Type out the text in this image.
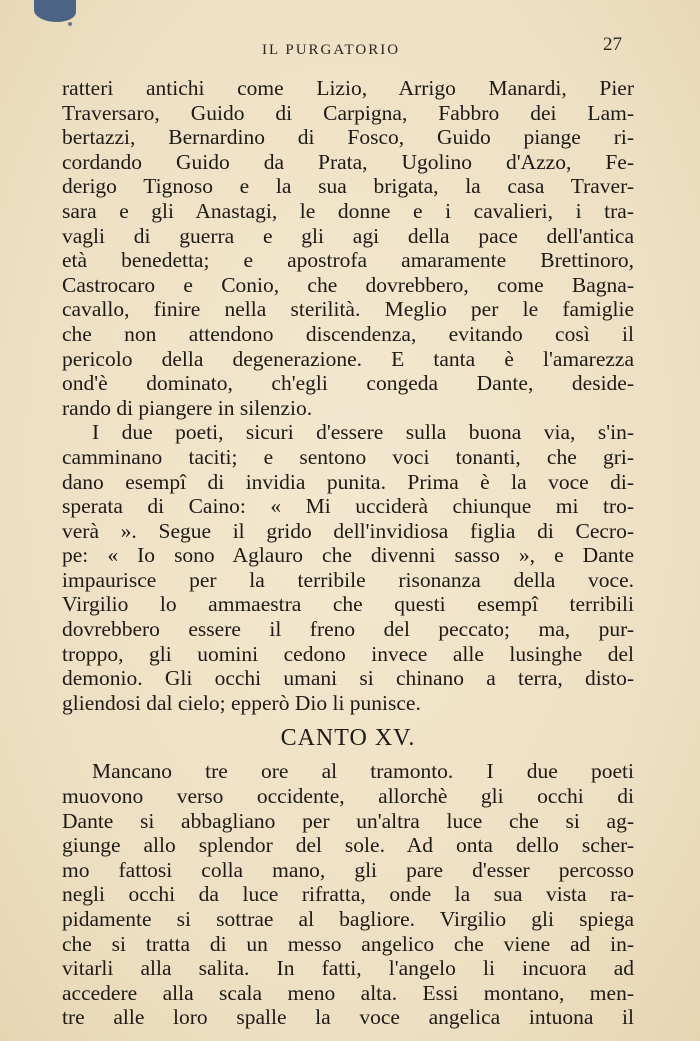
IL PURGATORIO	27
ratteri antichi come Lizio, Arrigo Manardi, Pier
Traversaro, Guido di Carpigna, Fabbro dei Lam-
bertazzi, Bernardino di Fosco, Guido piange ri-
cordando Guido da Prata, Ugolino d'Azzo, Fe-
derigo Tignoso e la sua brigata, la casa Traver-
sara e gli Anastagi, le donne e i cavalieri, i tra-
vagli di guerra e gli agi della pace dell'antica
età benedetta; e apostrofa amaramente Brettinoro,
Castrocaro e Conio, che dovrebbero, come Bagna-
cavallo, finire nella sterilità. Meglio per le famiglie
che non attendono discendenza, evitando così il
pericolo della degenerazione. E tanta è l'amarezza
ond'è dominato, ch'egli congeda Dante, deside-
rando di piangere in silenzio.
I due poeti, sicuri d'essere sulla buona via, s'in-
camminano taciti; e sentono voci tonanti, che gri-
dano esempî di invidia punita. Prima è la voce di-
sperata di Caino: « Mi ucciderà chiunque mi tro-
verà ». Segue il grido dell'invidiosa figlia di Cecro-
pe: « Io sono Aglauro che divenni sasso », e Dante
impaurisce per la terribile risonanza della voce.
Virgilio lo ammaestra che questi esempî terribili
dovrebbero essere il freno del peccato; ma, pur-
troppo, gli uomini cedono invece alle lusinghe del
demonio. Gli occhi umani si chinano a terra, disto-
gliendosi dal cielo; epperò Dio li punisce.
CANTO XV.
Mancano tre ore al tramonto. I due poeti
muovono verso occidente, allorchè gli occhi di
Dante si abbagliano per un'altra luce che si ag-
giunge allo splendor del sole. Ad onta dello scher-
mo fattosi colla mano, gli pare d'esser percosso
negli occhi da luce rifratta, onde la sua vista ra-
pidamente si sottrae al bagliore. Virgilio gli spiega
che si tratta di un messo angelico che viene ad in-
vitarli alla salita. In fatti, l'angelo li incuora ad
accedere alla scala meno alta. Essi montano, men-
tre alle loro spalle la voce angelica intuona il
